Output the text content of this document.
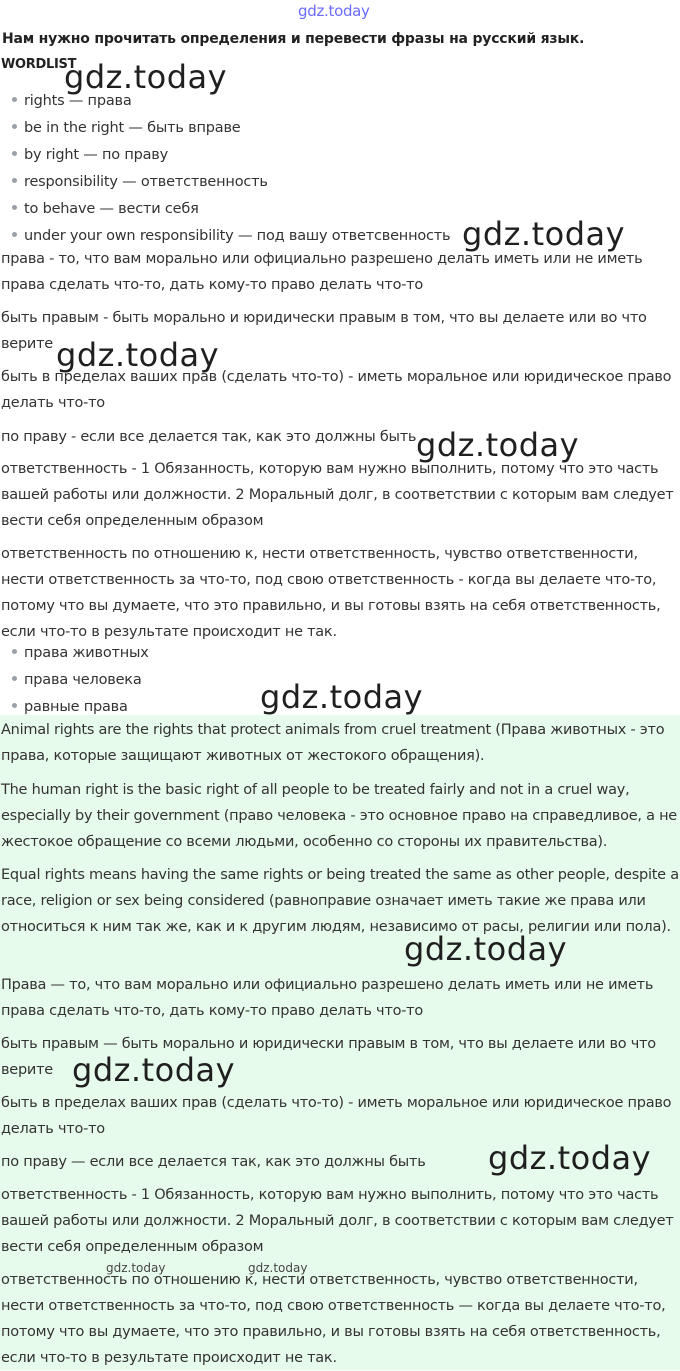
gdz.today
Нам нужно прочитать определения и перевести фразы на русский язык.
WORDLIST
rights — права
be in the right — быть вправе
by right — по праву
responsibility — ответственность
to behave — вести себя
under your own responsibility — под вашу ответсвенность

права - то, что вам морально или официально разрешено делать иметь или не иметь права сделать что-то, дать кому-то право делать что-то

быть правым - быть морально и юридически правым в том, что вы делаете или во что верите

быть в пределах ваших прав (сделать что-то) - иметь моральное или юридическое право делать что-то

по праву - если все делается так, как это должны быть

ответственность - 1 Обязанность, которую вам нужно выполнить, потому что это часть вашей работы или должности. 2 Моральный долг, в соответствии с которым вам следует вести себя определенным образом

ответственность по отношению к, нести ответственность, чувство ответственности, нести ответственность за что-то, под свою ответственность - когда вы делаете что-то, потому что вы думаете, что это правильно, и вы готовы взять на себя ответственность, если что-то в результате происходит не так.

права животных
права человека
равные права

Animal rights are the rights that protect animals from cruel treatment (Права животных - это права, которые защищают животных от жестокого обращения).

The human right is the basic right of all people to be treated fairly and not in a cruel way, especially by their government (право человека - это основное право на справедливое, а не жестокое обращение со всеми людьми, особенно со стороны их правительства).

Equal rights means having the same rights or being treated the same as other people, despite a race, religion or sex being considered (равноправие означает иметь такие же права или относиться к ним так же, как и к другим людям, независимо от расы, религии или пола).

Права — то, что вам морально или официально разрешено делать иметь или не иметь права сделать что-то, дать кому-то право делать что-то

быть правым — быть морально и юридически правым в том, что вы делаете или во что верите

быть в пределах ваших прав (сделать что-то) - иметь моральное или юридическое право делать что-то

по праву — если все делается так, как это должны быть

ответственность - 1 Обязанность, которую вам нужно выполнить, потому что это часть вашей работы или должности. 2 Моральный долг, в соответствии с которым вам следует вести себя определенным образом

ответственность по отношению к, нести ответственность, чувство ответственности, нести ответственность за что-то, под свою ответственность — когда вы делаете что-то, потому что вы думаете, что это правильно, и вы готовы взять на себя ответственность, если что-то в результате происходит не так.

gdz.today
gdz.today
gdz.today
gdz.today
gdz.today
gdz.today
gdz.today
gdz.today
gdz.today	gdz.today
